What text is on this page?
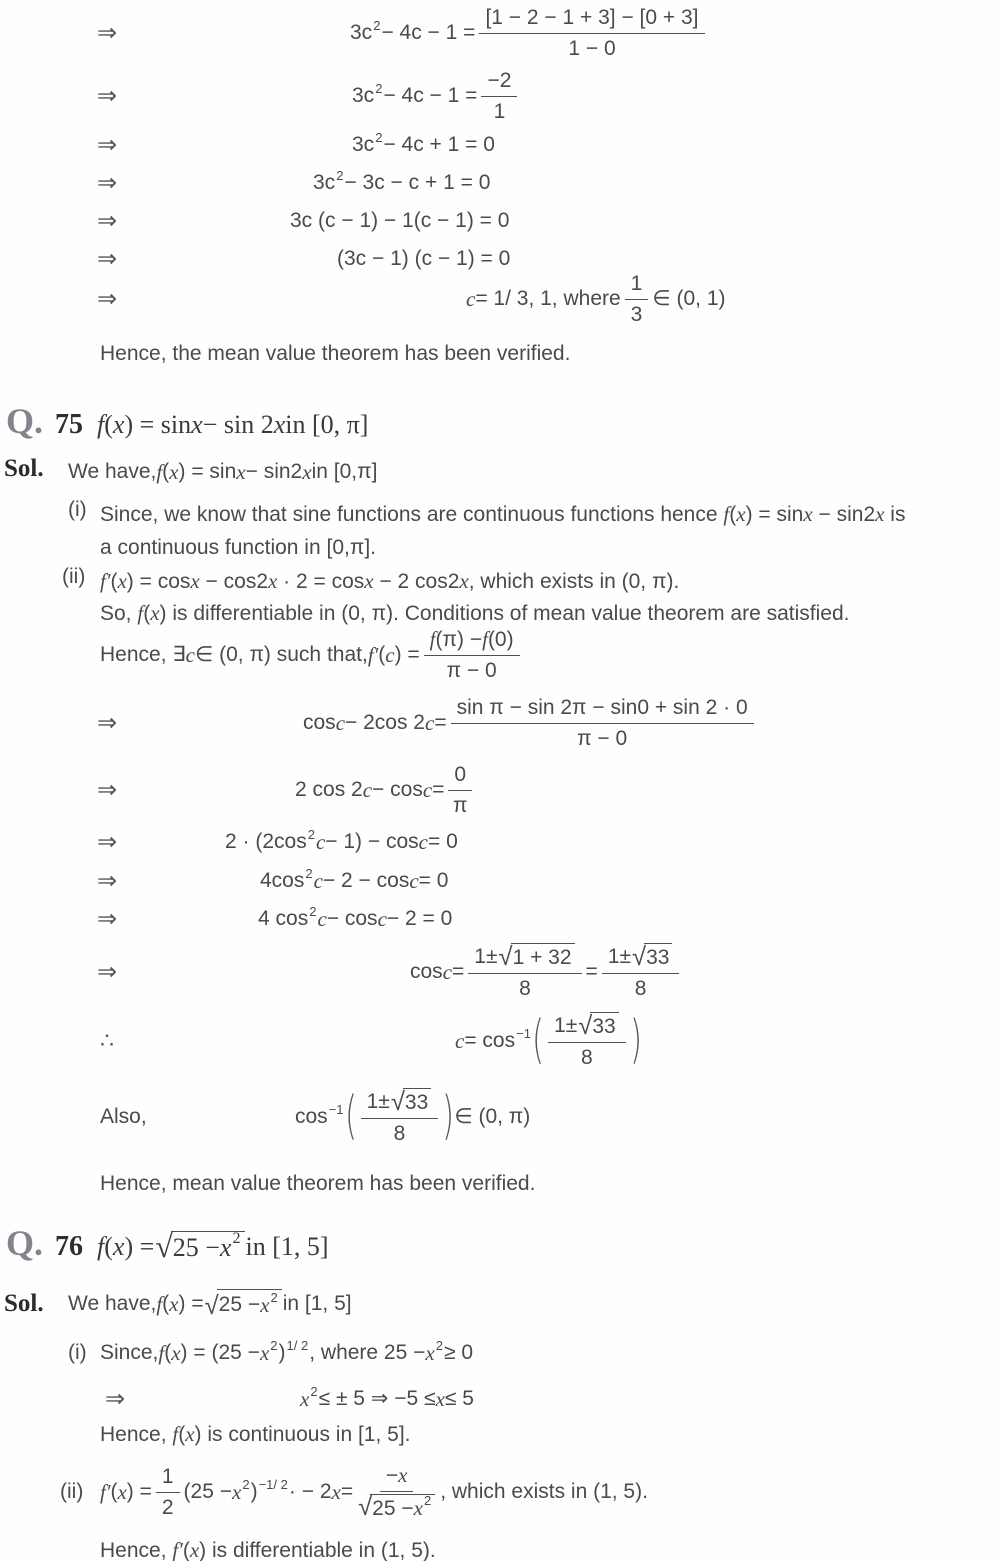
⇒	$3c^2 - 4c - 1 = \frac{[1 - 2 - 1 + 3] - [0 + 3]}{1 - 0}$
⇒	$3c^2 - 4c - 1 = \frac{-2}{1}$
⇒	$3c^2 - 4c + 1 = 0$
⇒	$3c^2 - 3c - c + 1 = 0$
⇒	3c (c − 1) − 1(c − 1) = 0
⇒	(3c − 1) (c − 1) = 0
⇒	c = 1/ 3, 1, where $\frac{1}{3}$ ∈ (0, 1)
Hence, the mean value theorem has been verified.
Q. 75 f ( x ) = sin x − sin 2 x in [0, π]
Sol. We have, f ( x ) = sin x − sin2 x in [0,π]
(i) Since, we know that sine functions are continuous functions hence f(x) = sinx − sin2x is
a continuous function in [0,π].
(ii) f′(x) = cosx − cos2x · 2 = cosx − 2 cos2x, which exists in (0, π).
So, f(x) is differentiable in (0, π). Conditions of mean value theorem are satisfied.
Hence, ∃ c ∈ (0, π) such that, f′ ( c ) = $\frac{f (\pi) - f (0)}{\pi - 0}$
⇒	cos c − 2cos 2 $c = \frac{\text{sin π − sin 2π − sin0 + sin 2 · 0}}{\pi - 0}$
⇒	2 cos 2 $c - \cos c = \frac{0}{\pi}$
⇒	$2 \cdot (2\cos^2$ c − 1) − cos c = 0
⇒	$4\cos^2$ c − 2 − cos c = 0
⇒	4 $\cos^2 c - \cos c - 2 = 0$
⇒	$\cos c = \frac{1\pm √ 1 + 32}{8} = \frac{1\pm √ 33}{8}$
∴	$c = \cos^{-1}$ ( $\frac{1\pm √ 33}{8}$ )
Also,	$\cos^{-1}$ ( $\frac{1\pm √ 33}{8}$ ) ∈ (0, π)
Hence, mean value theorem has been verified.
Q. 76 f ( x ) = √ $25 - x^2$ in [1, 5]
Sol. We have, f ( x ) = √ $25 - x^2$ in [1, 5]
(i) Since, f ( x ) = ($25 - x^2$ )$^{1/ 2}$ , where $25 - x^2 \ge 0$
⇒	$x^2$ ≤ ± 5 ⇒ −5 ≤ x ≤ 5
Hence, f(x) is continuous in [1, 5].
(ii) f′ ( x ) = $\frac{1}{2} (25 - x^2$ )$^{-1/ 2}$ · − 2 $x = \frac{- x}{√ 25 - x^2}$ , which exists in (1, 5).
Hence, f′(x) is differentiable in (1, 5).
